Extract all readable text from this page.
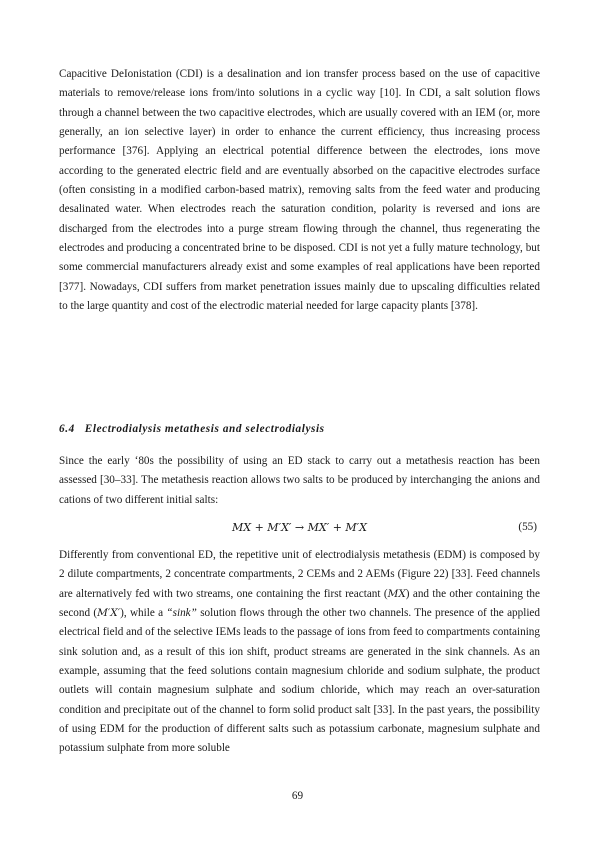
Capacitive DeIonistation (CDI) is a desalination and ion transfer process based on the use of capacitive materials to remove/release ions from/into solutions in a cyclic way [10]. In CDI, a salt solution flows through a channel between the two capacitive electrodes, which are usually covered with an IEM (or, more generally, an ion selective layer) in order to enhance the current efficiency, thus increasing process performance [376]. Applying an electrical potential difference between the electrodes, ions move according to the generated electric field and are eventually absorbed on the capacitive electrodes surface (often consisting in a modified carbon-based matrix), removing salts from the feed water and producing desalinated water. When electrodes reach the saturation condition, polarity is reversed and ions are discharged from the electrodes into a purge stream flowing through the channel, thus regenerating the electrodes and producing a concentrated brine to be disposed. CDI is not yet a fully mature technology, but some commercial manufacturers already exist and some examples of real applications have been reported [377]. Nowadays, CDI suffers from market penetration issues mainly due to upscaling difficulties related to the large quantity and cost of the electrodic material needed for large capacity plants [378].

6.4 Electrodialysis metathesis and selectrodialysis

Since the early ‘80s the possibility of using an ED stack to carry out a metathesis reaction has been assessed [30–33]. The metathesis reaction allows two salts to be produced by interchanging the anions and cations of two different initial salts:

MX + M′X′ → MX′ + M′X	(55)

Differently from conventional ED, the repetitive unit of electrodialysis metathesis (EDM) is composed by 2 dilute compartments, 2 concentrate compartments, 2 CEMs and 2 AEMs (Figure 22) [33]. Feed channels are alternatively fed with two streams, one containing the first reactant (MX) and the other containing the second (M′X′), while a “sink” solution flows through the other two channels. The presence of the applied electrical field and of the selective IEMs leads to the passage of ions from feed to compartments containing sink solution and, as a result of this ion shift, product streams are generated in the sink channels. As an example, assuming that the feed solutions contain magnesium chloride and sodium sulphate, the product outlets will contain magnesium sulphate and sodium chloride, which may reach an over-saturation condition and precipitate out of the channel to form solid product salt [33]. In the past years, the possibility of using EDM for the production of different salts such as potassium carbonate, magnesium sulphate and potassium sulphate from more soluble

69
